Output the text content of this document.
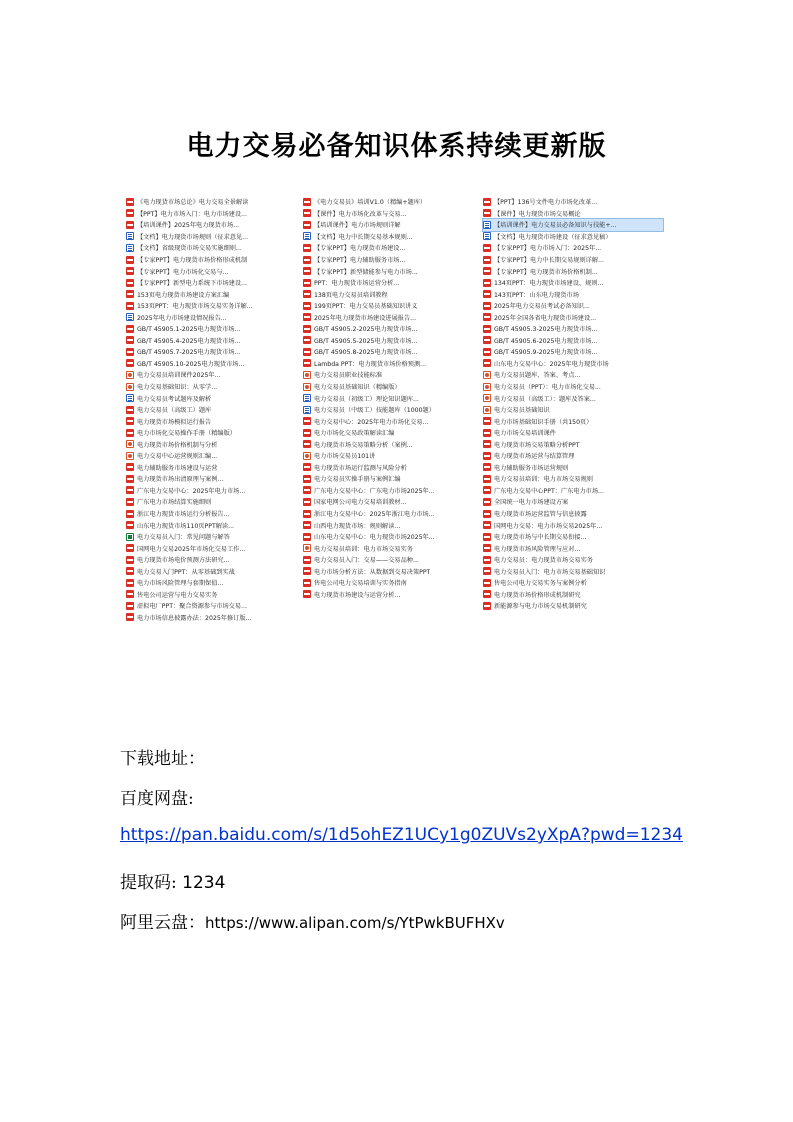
电力交易必备知识体系持续更新版
《电力现货市场总论》电力交易全景解读
【PPT】电力市场入门：电力市场建设...
【培训课件】2025年电力现货市场...
【文档】电力现货市场规则（征求意见...
【文档】省级现货市场交易实施细则...
【专家PPT】电力现货市场价格形成机制
【专家PPT】电力市场化交易与...
【专家PPT】新型电力系统下市场建设...
153页电力现货市场建设方案汇编
153页PPT：电力现货市场交易实务详解...
2025年电力市场建设情况报告...
GB/T 45905.1-2025电力现货市场...
GB/T 45905.4-2025电力现货市场...
GB/T 45905.7-2025电力现货市场...
GB/T 45905.10-2025电力现货市场...
电力交易员培训课件2025年...
电力交易基础知识：从零学...
电力交易员考试题库及解析
电力交易员（高级工）题库
电力现货市场模拟运行报告
电力市场化交易操作手册（精编版）
电力现货市场价格机制与分析
电力交易中心运营规则汇编...
电力辅助服务市场建设与运营
电力现货市场出清原理与案例...
广东电力交易中心：2025年电力市场...
广东电力市场结算实施细则
浙江电力现货市场运行分析报告...
山东电力现货市场110页PPT解读...
电力交易员入门：常见问题与解答
国网电力交易2025年市场化交易工作...
电力现货市场电价预测方法研究...
电力交易入门PPT：从零基础到实战
电力市场风险管理与套期保值...
售电公司运营与电力交易实务
虚拟电厂PPT：聚合资源参与市场交易...
电力市场信息披露办法：2025年修订版...
《电力交易员》培训V1.0（精编+题库）
【课件】电力市场化改革与交易...
【培训课件】电力市场规则详解
【文档】电力中长期交易基本规则...
【专家PPT】电力现货市场建设...
【专家PPT】电力辅助服务市场...
【专家PPT】新型储能参与电力市场...
PPT：电力现货市场运营分析...
138页电力交易员培训教程
199页PPT：电力交易员基础知识讲义
2025年电力现货市场建设进展报告...
GB/T 45905.2-2025电力现货市场...
GB/T 45905.5-2025电力现货市场...
GB/T 45905.8-2025电力现货市场...
Lambda PPT：电力现货市场价格预测...
电力交易员职业技能标准
电力交易员基础知识（精编版）
电力交易员（初级工）理论知识题库...
电力交易员（中级工）技能题库（1000题）
电力交易中心：2025年电力市场化交易...
电力市场化交易政策解读汇编
电力现货市场交易策略分析（案例...
电力市场交易员101讲
电力现货市场运行监测与风险分析
电力交易员实操手册与案例汇编
广东电力交易中心：广东电力市场2025年...
国家电网公司电力交易培训教材...
浙江电力交易中心：2025年浙江电力市场...
山西电力现货市场：规则解读...
山东电力交易中心：电力现货市场2025年...
电力交易员培训：电力市场交易实务
电力交易员入门：交易——交易品种...
电力市场分析方法：从数据到交易决策PPT
售电公司电力交易培训与实务指南
电力现货市场建设与运营分析...
【PPT】136号文件电力市场化改革...
【课件】电力现货市场交易概论
【培训课件】电力交易员必备知识与技能+...
【文档】电力现货市场建设（征求意见稿）
【专家PPT】电力市场入门：2025年...
【专家PPT】电力中长期交易规则详解...
【专家PPT】电力现货市场价格机制...
134页PPT：电力现货市场建设、规则...
143页PPT：山东电力现货市场
2025年电力交易员考试必备知识...
2025年全国各省电力现货市场建设...
GB/T 45905.3-2025电力现货市场...
GB/T 45905.6-2025电力现货市场...
GB/T 45905.9-2025电力现货市场...
山东电力交易中心：2025年电力现货市场
电力交易员题库、答案、考点...
电力交易员（PPT）：电力市场化交易...
电力交易员（高级工）：题库及答案...
电力交易员基础知识
电力市场基础知识手册（共150页）
电力市场交易培训课件
电力现货市场交易策略分析PPT
电力现货市场运营与结算管理
电力辅助服务市场运营规则
电力交易员培训：电力市场交易规则
广东电力交易中心PPT：广东电力市场...
全国统一电力市场建设方案
电力现货市场运营监管与信息披露
国网电力交易：电力市场交易2025年...
电力现货市场与中长期交易衔接...
电力现货市场风险管理与应对...
电力交易员：电力现货市场交易实务
电力交易员入门：电力市场交易基础知识
售电公司电力交易实务与案例分析
电力现货市场价格形成机制研究
新能源参与电力市场交易机制研究

下载地址：

百度网盘:

https://pan.baidu.com/s/1d5ohEZ1UCy1g0ZUVs2yXpA?pwd=1234

提取码: 1234

阿里云盘：https://www.alipan.com/s/YtPwkBUFHXv
